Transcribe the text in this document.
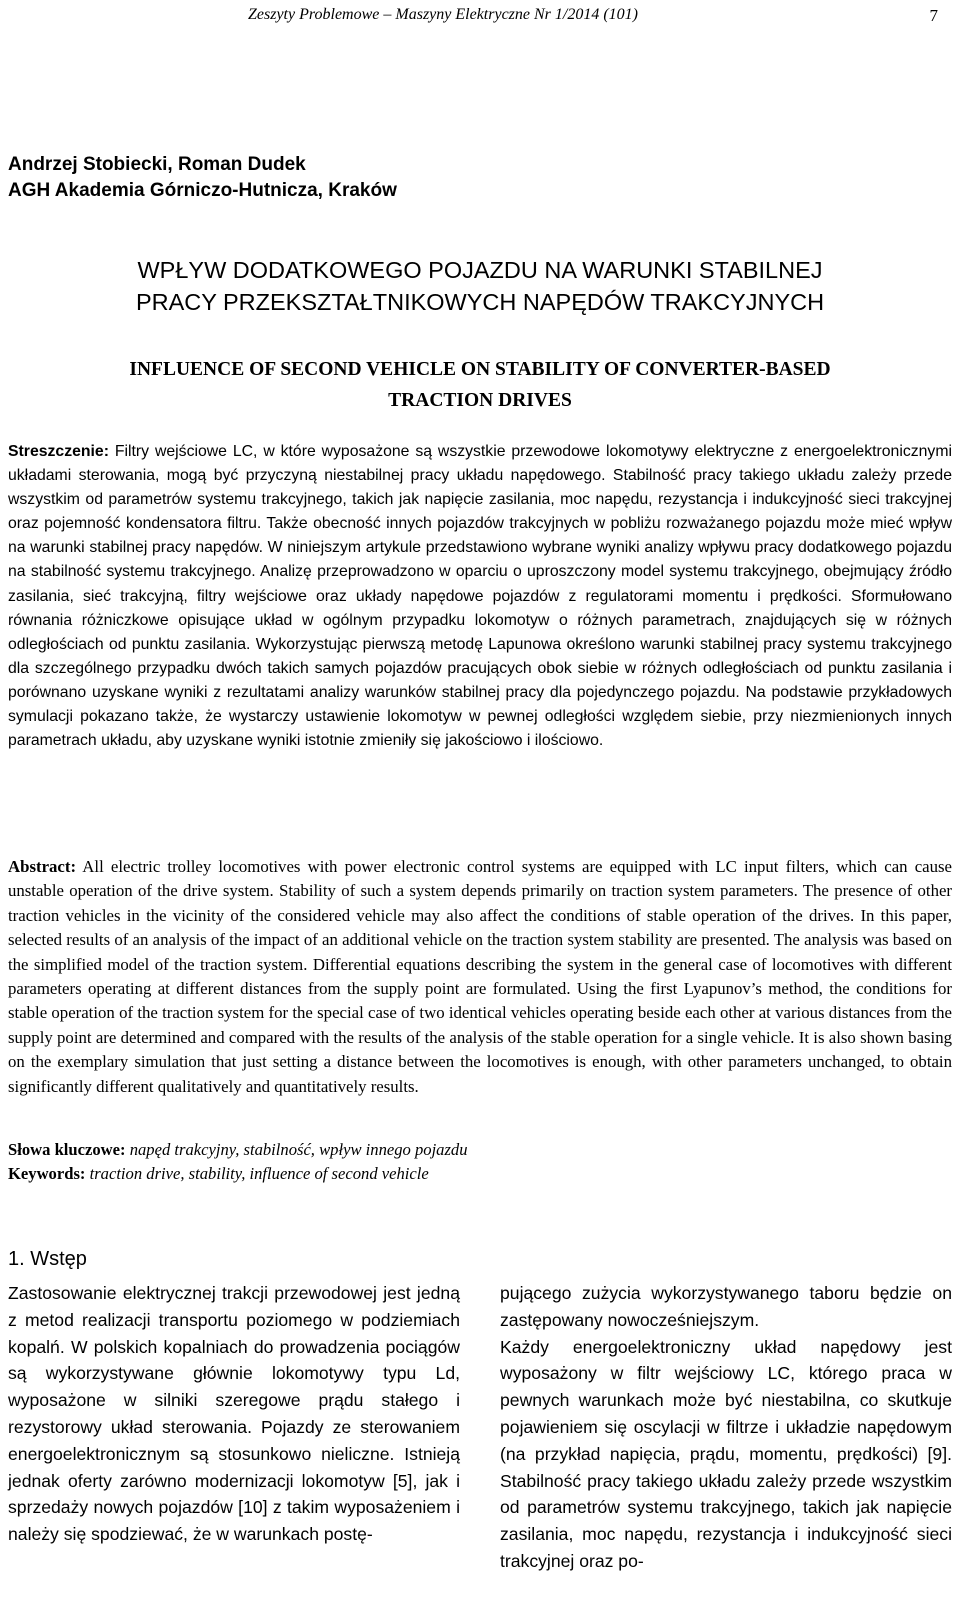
Zeszyty Problemowe – Maszyny Elektryczne Nr 1/2014 (101)	7
Andrzej Stobiecki, Roman Dudek
AGH Akademia Górniczo-Hutnicza, Kraków
WPŁYW DODATKOWEGO POJAZDU NA WARUNKI STABILNEJ
PRACY PRZEKSZTAŁTNIKOWYCH NAPĘDÓW TRAKCYJNYCH
INFLUENCE OF SECOND VEHICLE ON STABILITY OF CONVERTER-BASED
TRACTION DRIVES

Streszczenie: Filtry wejściowe LC, w które wyposażone są wszystkie przewodowe lokomotywy elektryczne z energoelektronicznymi układami sterowania, mogą być przyczyną niestabilnej pracy układu napędowego. Stabilność pracy takiego układu zależy przede wszystkim od parametrów systemu trakcyjnego, takich jak napięcie zasilania, moc napędu, rezystancja i indukcyjność sieci trakcyjnej oraz pojemność kondensatora filtru. Także obecność innych pojazdów trakcyjnych w pobliżu rozważanego pojazdu może mieć wpływ na warunki stabilnej pracy napędów. W niniejszym artykule przedstawiono wybrane wyniki analizy wpływu pracy dodatkowego pojazdu na stabilność systemu trakcyjnego. Analizę przeprowadzono w oparciu o uproszczony model systemu trakcyjnego, obejmujący źródło zasilania, sieć trakcyjną, filtry wejściowe oraz układy napędowe pojazdów z regulatorami momentu i prędkości. Sformułowano równania różniczkowe opisujące układ w ogólnym przypadku lokomotyw o różnych parametrach, znajdujących się w różnych odległościach od punktu zasilania. Wykorzystując pierwszą metodę Lapunowa określono warunki stabilnej pracy systemu trakcyjnego dla szczególnego przypadku dwóch takich samych pojazdów pracujących obok siebie w różnych odległościach od punktu zasilania i porównano uzyskane wyniki z rezultatami analizy warunków stabilnej pracy dla pojedynczego pojazdu. Na podstawie przykładowych symulacji pokazano także, że wystarczy ustawienie lokomotyw w pewnej odległości względem siebie, przy niezmienionych innych parametrach układu, aby uzyskane wyniki istotnie zmieniły się jakościowo i ilościowo.

Abstract: All electric trolley locomotives with power electronic control systems are equipped with LC input filters, which can cause unstable operation of the drive system. Stability of such a system depends primarily on traction system parameters. The presence of other traction vehicles in the vicinity of the considered vehicle may also affect the conditions of stable operation of the drives. In this paper, selected results of an analysis of the impact of an additional vehicle on the traction system stability are presented. The analysis was based on the simplified model of the traction system. Differential equations describing the system in the general case of locomotives with different parameters operating at different distances from the supply point are formulated. Using the first Lyapunov’s method, the conditions for stable operation of the traction system for the special case of two identical vehicles operating beside each other at various distances from the supply point are determined and compared with the results of the analysis of the stable operation for a single vehicle. It is also shown basing on the exemplary simulation that just setting a distance between the locomotives is enough, with other parameters unchanged, to obtain significantly different qualitatively and quantitatively results.

Słowa kluczowe: napęd trakcyjny, stabilność, wpływ innego pojazdu
Keywords: traction drive, stability, influence of second vehicle
1. Wstęp

Zastosowanie elektrycznej trakcji przewodowej jest jedną z metod realizacji transportu poziomego w podziemiach kopalń. W polskich kopalniach do prowadzenia pociągów są wykorzystywane głównie lokomotywy typu Ld, wyposażone w silniki szeregowe prądu stałego i rezystorowy układ sterowania. Pojazdy ze sterowaniem energoelektronicznym są stosunkowo nieliczne. Istnieją jednak oferty zarówno modernizacji lokomotyw [5], jak i sprzedaży nowych pojazdów [10] z takim wyposażeniem i należy się spodziewać, że w warunkach postę-

pującego zużycia wykorzystywanego taboru będzie on zastępowany nowocześniejszym.
Każdy energoelektroniczny układ napędowy jest wyposażony w filtr wejściowy LC, którego praca w pewnych warunkach może być niestabilna, co skutkuje pojawieniem się oscylacji w filtrze i układzie napędowym (na przykład napięcia, prądu, momentu, prędkości) [9]. Stabilność pracy takiego układu zależy przede wszystkim od parametrów systemu trakcyjnego, takich jak napięcie zasilania, moc napędu, rezystancja i indukcyjność sieci trakcyjnej oraz po-
